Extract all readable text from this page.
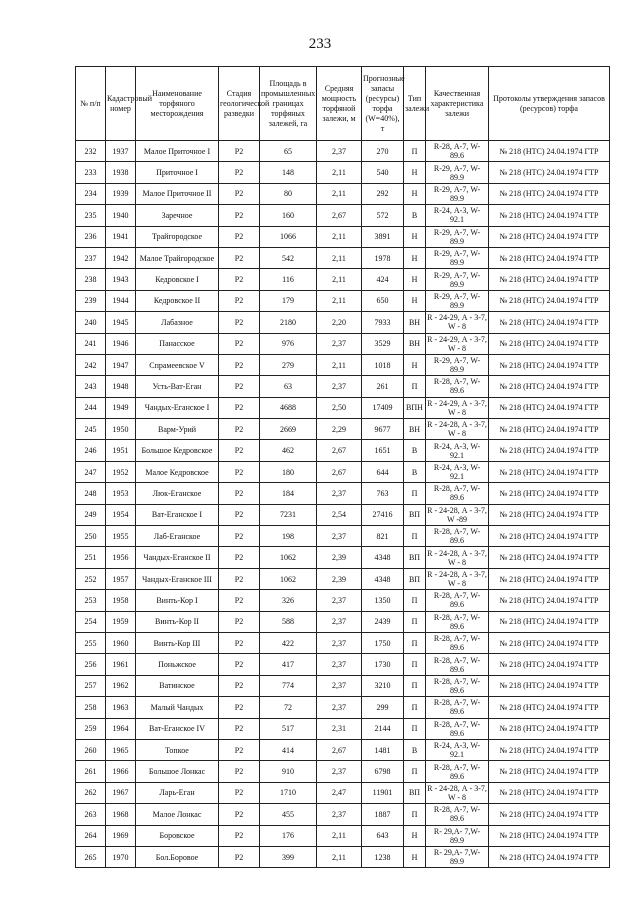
233
№ п/п	Кадастровый номер	Наименование торфяного месторождения	Стадия геологической разведки	Площадь в промышленных границах торфяных залежей, га	Средняя мощность торфяной залежи, м	Прогнозные запасы (ресурсы) торфа (W=40%), т	Тип залежи	Качественная характеристика залежи	Протоколы утверждения запасов (ресурсов) торфа
232	1937	Малое Приточное I	Р2	65	2,37	270	П	R-28, А-7, W-89.6	№ 218 (НТС) 24.04.1974 ГТР
233	1938	Приточное I	Р2	148	2,11	540	Н	R-29, А-7, W-89.9	№ 218 (НТС) 24.04.1974 ГТР
234	1939	Малое Приточное II	Р2	80	2,11	292	Н	R-29, А-7, W-89.9	№ 218 (НТС) 24.04.1974 ГТР
235	1940	Заречное	Р2	160	2,67	572	В	R-24, А-3, W-92.1	№ 218 (НТС) 24.04.1974 ГТР
236	1941	Трайгородское	Р2	1066	2,11	3891	Н	R-29, А-7, W-89.9	№ 218 (НТС) 24.04.1974 ГТР
237	1942	Малое Трайгородское	Р2	542	2,11	1978	Н	R-29, А-7, W-89.9	№ 218 (НТС) 24.04.1974 ГТР
238	1943	Кедровское I	Р2	116	2,11	424	Н	R-29, А-7, W-89.9	№ 218 (НТС) 24.04.1974 ГТР
239	1944	Кедровское II	Р2	179	2,11	650	Н	R-29, А-7, W-89.9	№ 218 (НТС) 24.04.1974 ГТР
240	1945	Лабазное	Р2	2180	2,20	7933	ВН	R - 24-29, А - 3-7, W - 8	№ 218 (НТС) 24.04.1974 ГТР
241	1946	Панасское	Р2	976	2,37	3529	ВН	R - 24-29, А - 3-7, W - 8	№ 218 (НТС) 24.04.1974 ГТР
242	1947	Спрамеевское V	Р2	279	2,11	1018	Н	R-29, А-7, W-89.9	№ 218 (НТС) 24.04.1974 ГТР
243	1948	Усть-Ват-Еган	Р2	63	2,37	261	П	R-28, А-7, W-89.6	№ 218 (НТС) 24.04.1974 ГТР
244	1949	Чандых-Еганское I	Р2	4688	2,50	17409	ВПН	R - 24-29, А - 3-7, W - 8	№ 218 (НТС) 24.04.1974 ГТР
245	1950	Варм-Урий	Р2	2669	2,29	9677	ВН	R - 24-28, А - 3-7, W - 8	№ 218 (НТС) 24.04.1974 ГТР
246	1951	Большое Кедровское	Р2	462	2,67	1651	В	R-24, А-3, W-92.1	№ 218 (НТС) 24.04.1974 ГТР
247	1952	Малое Кедровское	Р2	180	2,67	644	В	R-24, А-3, W-92.1	№ 218 (НТС) 24.04.1974 ГТР
248	1953	Люк-Еганское	Р2	184	2,37	763	П	R-28, А-7, W-89.6	№ 218 (НТС) 24.04.1974 ГТР
249	1954	Ват-Еганское I	Р2	7231	2,54	27416	ВП	R - 24-28, А - 3-7, W -89	№ 218 (НТС) 24.04.1974 ГТР
250	1955	Лаб-Еганское	Р2	198	2,37	821	П	R-28, А-7, W-89.6	№ 218 (НТС) 24.04.1974 ГТР
251	1956	Чандых-Еганское II	Р2	1062	2,39	4348	ВП	R - 24-28, А - 3-7, W - 8	№ 218 (НТС) 24.04.1974 ГТР
252	1957	Чандых-Еганское III	Р2	1062	2,39	4348	ВП	R - 24-28, А - 3-7, W - 8	№ 218 (НТС) 24.04.1974 ГТР
253	1958	Винть-Кор I	Р2	326	2,37	1350	П	R-28, А-7, W-89.6	№ 218 (НТС) 24.04.1974 ГТР
254	1959	Винть-Кор II	Р2	588	2,37	2439	П	R-28, А-7, W-89.6	№ 218 (НТС) 24.04.1974 ГТР
255	1960	Винть-Кор III	Р2	422	2,37	1750	П	R-28, А-7, W-89.6	№ 218 (НТС) 24.04.1974 ГТР
256	1961	Поньжское	Р2	417	2,37	1730	П	R-28, А-7, W-89.6	№ 218 (НТС) 24.04.1974 ГТР
257	1962	Ватинское	Р2	774	2,37	3210	П	R-28, А-7, W-89.6	№ 218 (НТС) 24.04.1974 ГТР
258	1963	Малый Чандых	Р2	72	2,37	299	П	R-28, А-7, W-89.6	№ 218 (НТС) 24.04.1974 ГТР
259	1964	Ват-Еганское IV	Р2	517	2,31	2144	П	R-28, А-7, W-89.6	№ 218 (НТС) 24.04.1974 ГТР
260	1965	Топкое	Р2	414	2,67	1481	В	R-24, А-3, W-92.1	№ 218 (НТС) 24.04.1974 ГТР
261	1966	Большое Лонкас	Р2	910	2,37	6798	П	R-28, А-7, W-89.6	№ 218 (НТС) 24.04.1974 ГТР
262	1967	Ларь-Еган	Р2	1710	2,47	11901	ВП	R - 24-28, А - 3-7, W - 8	№ 218 (НТС) 24.04.1974 ГТР
263	1968	Малое Лонкас	Р2	455	2,37	1887	П	R-28, А-7, W-89.6	№ 218 (НТС) 24.04.1974 ГТР
264	1969	Боровское	Р2	176	2,11	643	Н	R- 29,А- 7,W-89.9	№ 218 (НТС) 24.04.1974 ГТР
265	1970	Бол.Боровое	Р2	399	2,11	1238	Н	R- 29,А- 7,W-89.9	№ 218 (НТС) 24.04.1974 ГТР
